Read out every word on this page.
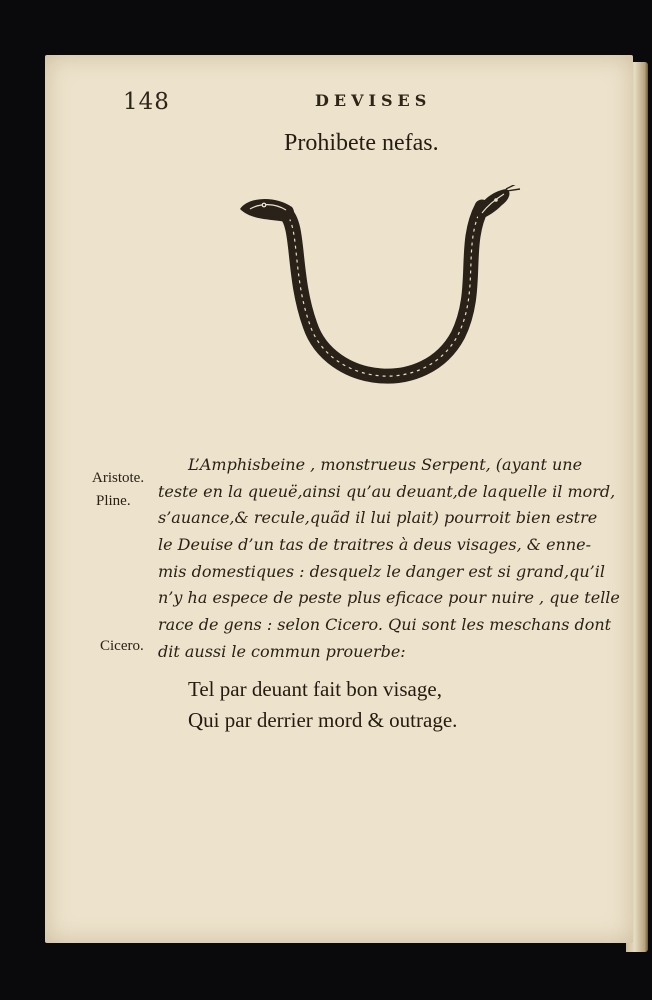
148	DEVISES
Prohibete nefas.
Aristote.
Pline.
Cicero.
L’Amphisbeine , monstrueus Serpent, (ayant une
teste en la queuë,ainsi qu’au deuant,de laquelle il mord,
s’auance,& recule,quãd il lui plait) pourroit bien estre
le Deuise d’un tas de traitres à deus visages, & enne-
mis domestiques : desquelz le danger est si grand,qu’il
n’y ha espece de peste plus eficace pour nuire , que telle
race de gens : selon Cicero. Qui sont les meschans dont
dit aussi le commun prouerbe:
Tel par deuant fait bon visage,
Qui par derrier mord & outrage.
